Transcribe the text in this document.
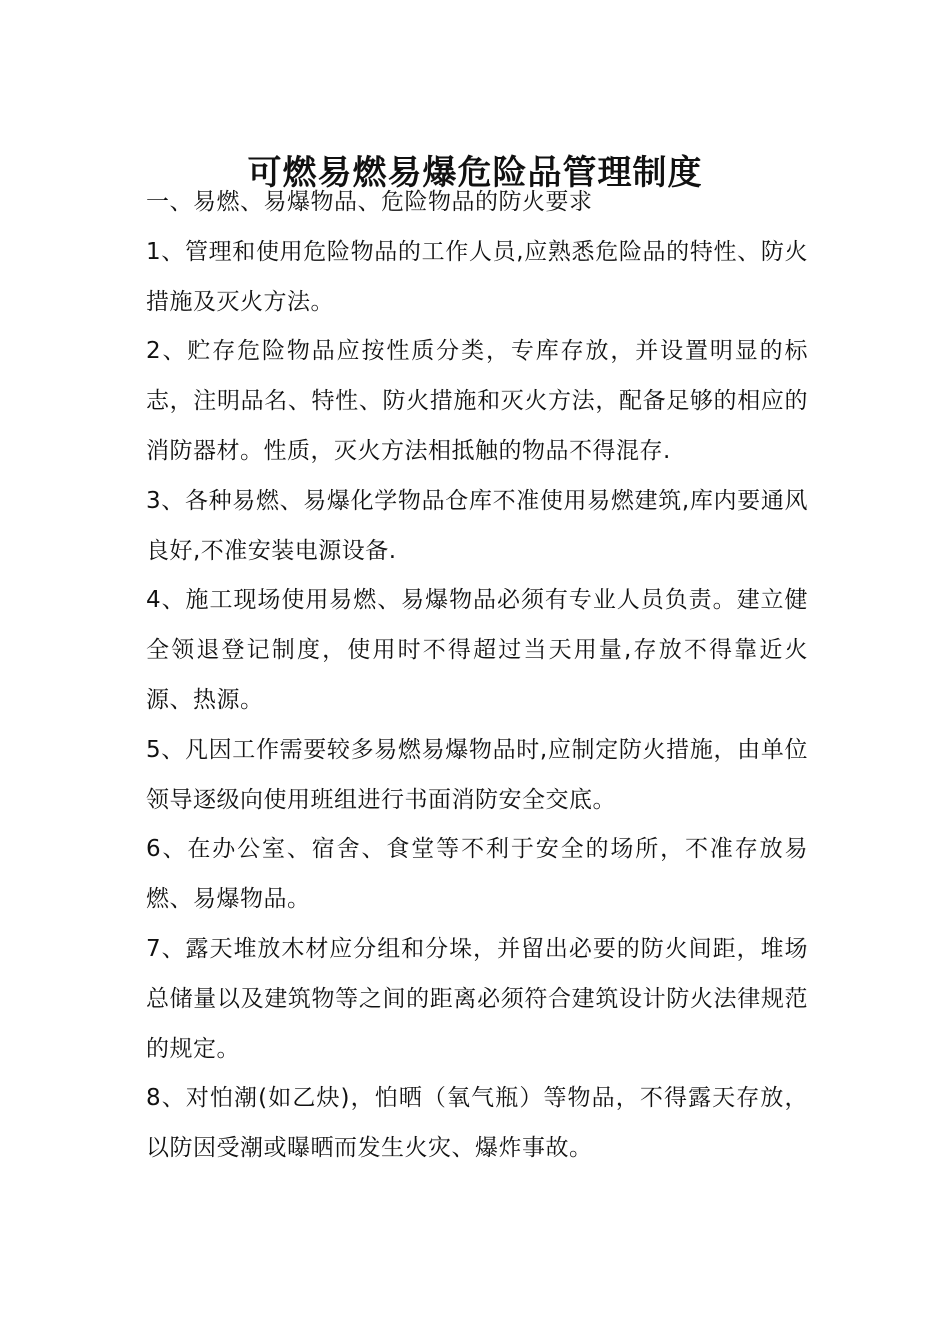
可燃易燃易爆危险品管理制度

一、易燃、易爆物品、危险物品的防火要求

1、管理和使用危险物品的工作人员,应熟悉危险品的特性、防火措施及灭火方法。

2、贮存危险物品应按性质分类，专库存放，并设置明显的标志，注明品名、特性、防火措施和灭火方法，配备足够的相应的消防器材。性质，灭火方法相抵触的物品不得混存.

3、各种易燃、易爆化学物品仓库不准使用易燃建筑,库内要通风良好,不准安装电源设备.

4、施工现场使用易燃、易爆物品必须有专业人员负责。建立健全领退登记制度，使用时不得超过当天用量,存放不得靠近火源、热源。

5、凡因工作需要较多易燃易爆物品时,应制定防火措施，由单位领导逐级向使用班组进行书面消防安全交底。

6、在办公室、宿舍、食堂等不利于安全的场所，不准存放易燃、易爆物品。

7、露天堆放木材应分组和分垛，并留出必要的防火间距，堆场总储量以及建筑物等之间的距离必须符合建筑设计防火法律规范的规定。

8、对怕潮(如乙炔)，怕晒（氧气瓶）等物品，不得露天存放，以防因受潮或曝晒而发生火灾、爆炸事故。
